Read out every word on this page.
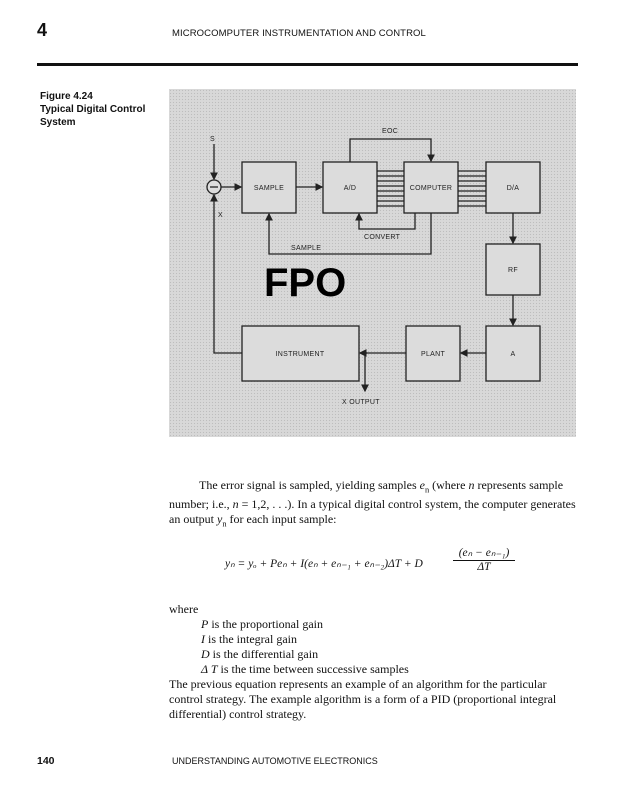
4	MICROCOMPUTER INSTRUMENTATION AND CONTROL
Figure 4.24
Typical Digital Control
System
S
SAMPLE	A/D	COMPUTER	D/A
RF
A
PLANT
INSTRUMENT
EOC
CONVERT
SAMPLE
X OUTPUT
X
FPO
The error signal is sampled, yielding samples $e_n$ (where n represents sample number; i.e., n = 1,2, . . .). In a typical digital control system, the computer generates an output $y_n$ for each input sample:
yₙ = yₒ + Peₙ + I(eₙ + eₙ₋₁ + eₙ₋₂)ΔT + D	$\frac{\text{(eₙ − eₙ₋₁)}}{\Delta T}$
where
P is the proportional gain
I is the integral gain
D is the differential gain
Δ T is the time between successive samples
The previous equation represents an example of an algorithm for the particular control strategy. The example algorithm is a form of a PID (proportional integral differential) control strategy.
140	UNDERSTANDING AUTOMOTIVE ELECTRONICS
